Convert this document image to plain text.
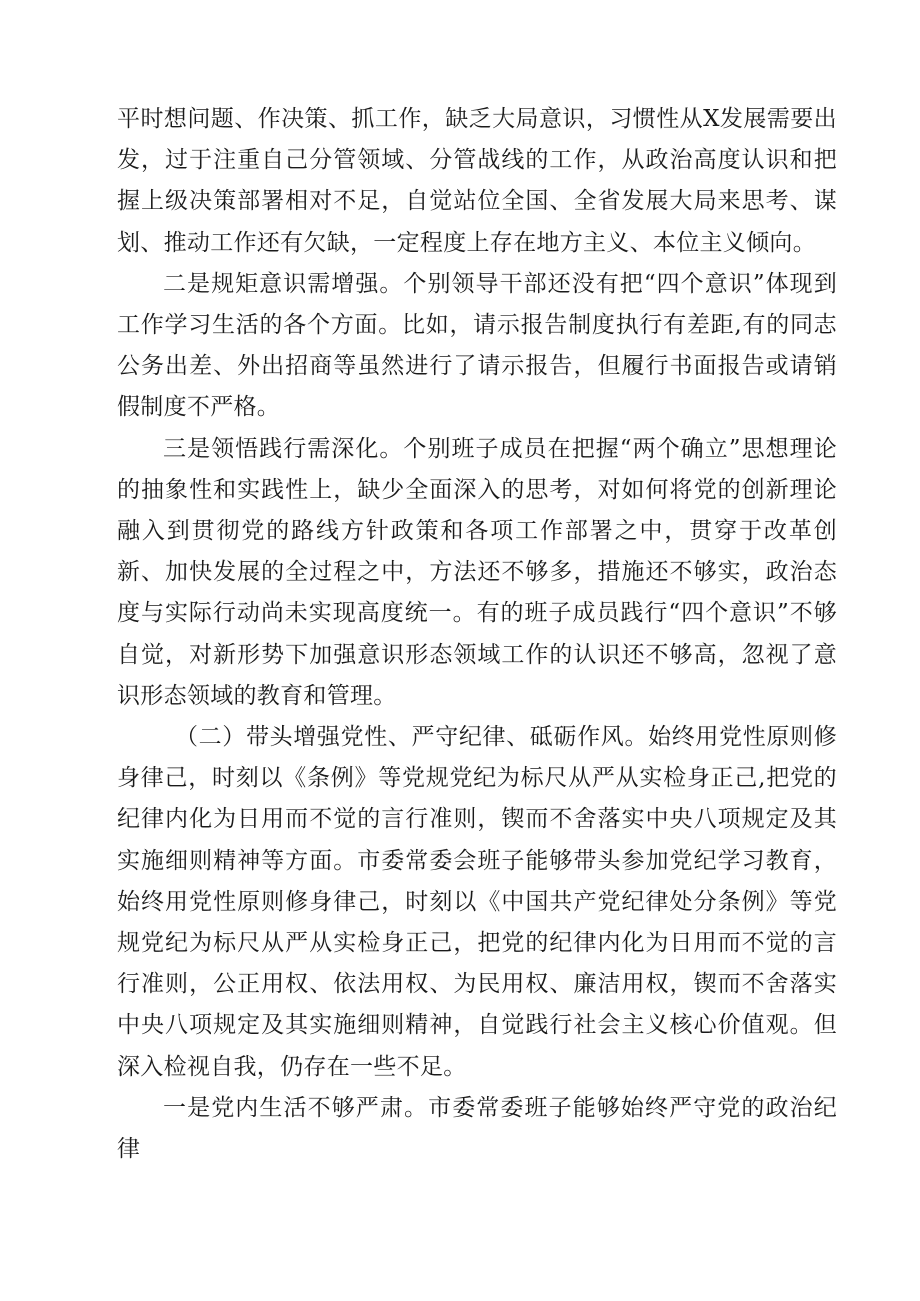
平时想问题、作决策、抓工作，缺乏大局意识，习惯性从X发展需要出发，过于注重自己分管领域、分管战线的工作，从政治高度认识和把握上级决策部署相对不足，自觉站位全国、全省发展大局来思考、谋划、推动工作还有欠缺，一定程度上存在地方主义、本位主义倾向。

二是规矩意识需增强。个别领导干部还没有把“四个意识”体现到工作学习生活的各个方面。比如，请示报告制度执行有差距,有的同志公务出差、外出招商等虽然进行了请示报告，但履行书面报告或请销假制度不严格。

三是领悟践行需深化。个别班子成员在把握“两个确立”思想理论的抽象性和实践性上，缺少全面深入的思考，对如何将党的创新理论融入到贯彻党的路线方针政策和各项工作部署之中，贯穿于改革创新、加快发展的全过程之中，方法还不够多，措施还不够实，政治态度与实际行动尚未实现高度统一。有的班子成员践行“四个意识”不够自觉，对新形势下加强意识形态领域工作的认识还不够高，忽视了意识形态领域的教育和管理。

（二）带头增强党性、严守纪律、砥砺作风。始终用党性原则修身律己，时刻以《条例》等党规党纪为标尺从严从实检身正己,把党的纪律内化为日用而不觉的言行准则，锲而不舍落实中央八项规定及其实施细则精神等方面。市委常委会班子能够带头参加党纪学习教育，始终用党性原则修身律己，时刻以《中国共产党纪律处分条例》等党规党纪为标尺从严从实检身正己，把党的纪律内化为日用而不觉的言行准则，公正用权、依法用权、为民用权、廉洁用权，锲而不舍落实中央八项规定及其实施细则精神，自觉践行社会主义核心价值观。但深入检视自我，仍存在一些不足。

一是党内生活不够严肃。市委常委班子能够始终严守党的政治纪律
